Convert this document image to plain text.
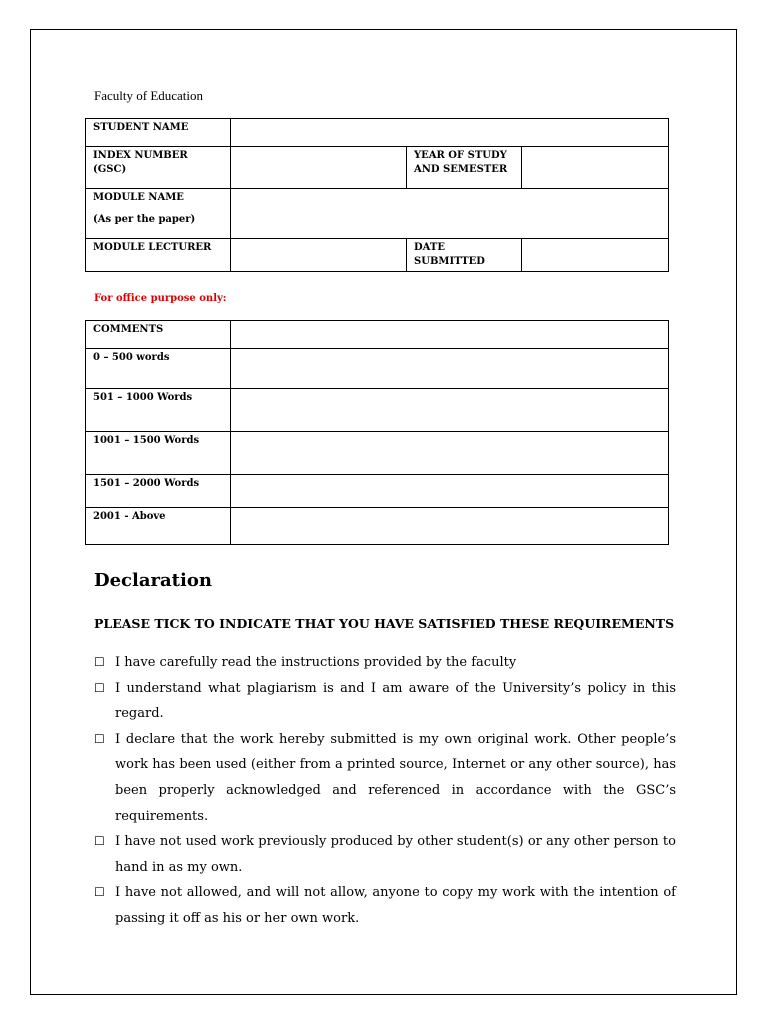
Faculty of Education
STUDENT NAME			
INDEX NUMBER (GSC)		YEAR OF STUDY AND SEMESTER	

MODULE NAME
(As per the paper)			

MODULE LECTURER		DATE SUBMITTED	
For office purpose only:
COMMENTS	
0 – 500 words	
501 – 1000 Words	
1001 – 1500 Words	
1501 – 2000 Words	
2001 - Above	
Declaration
PLEASE TICK TO INDICATE THAT YOU HAVE SATISFIED THESE REQUIREMENTS
☐ I have carefully read the instructions provided by the faculty
☐ I understand what plagiarism is and I am aware of the University’s policy in this regard.
☐ I declare that the work hereby submitted is my own original work. Other people’s work has been used (either from a printed source, Internet or any other source), has been properly acknowledged and referenced in accordance with the GSC’s requirements.
☐ I have not used work previously produced by other student(s) or any other person to hand in as my own.
☐ I have not allowed, and will not allow, anyone to copy my work with the intention of passing it off as his or her own work.
